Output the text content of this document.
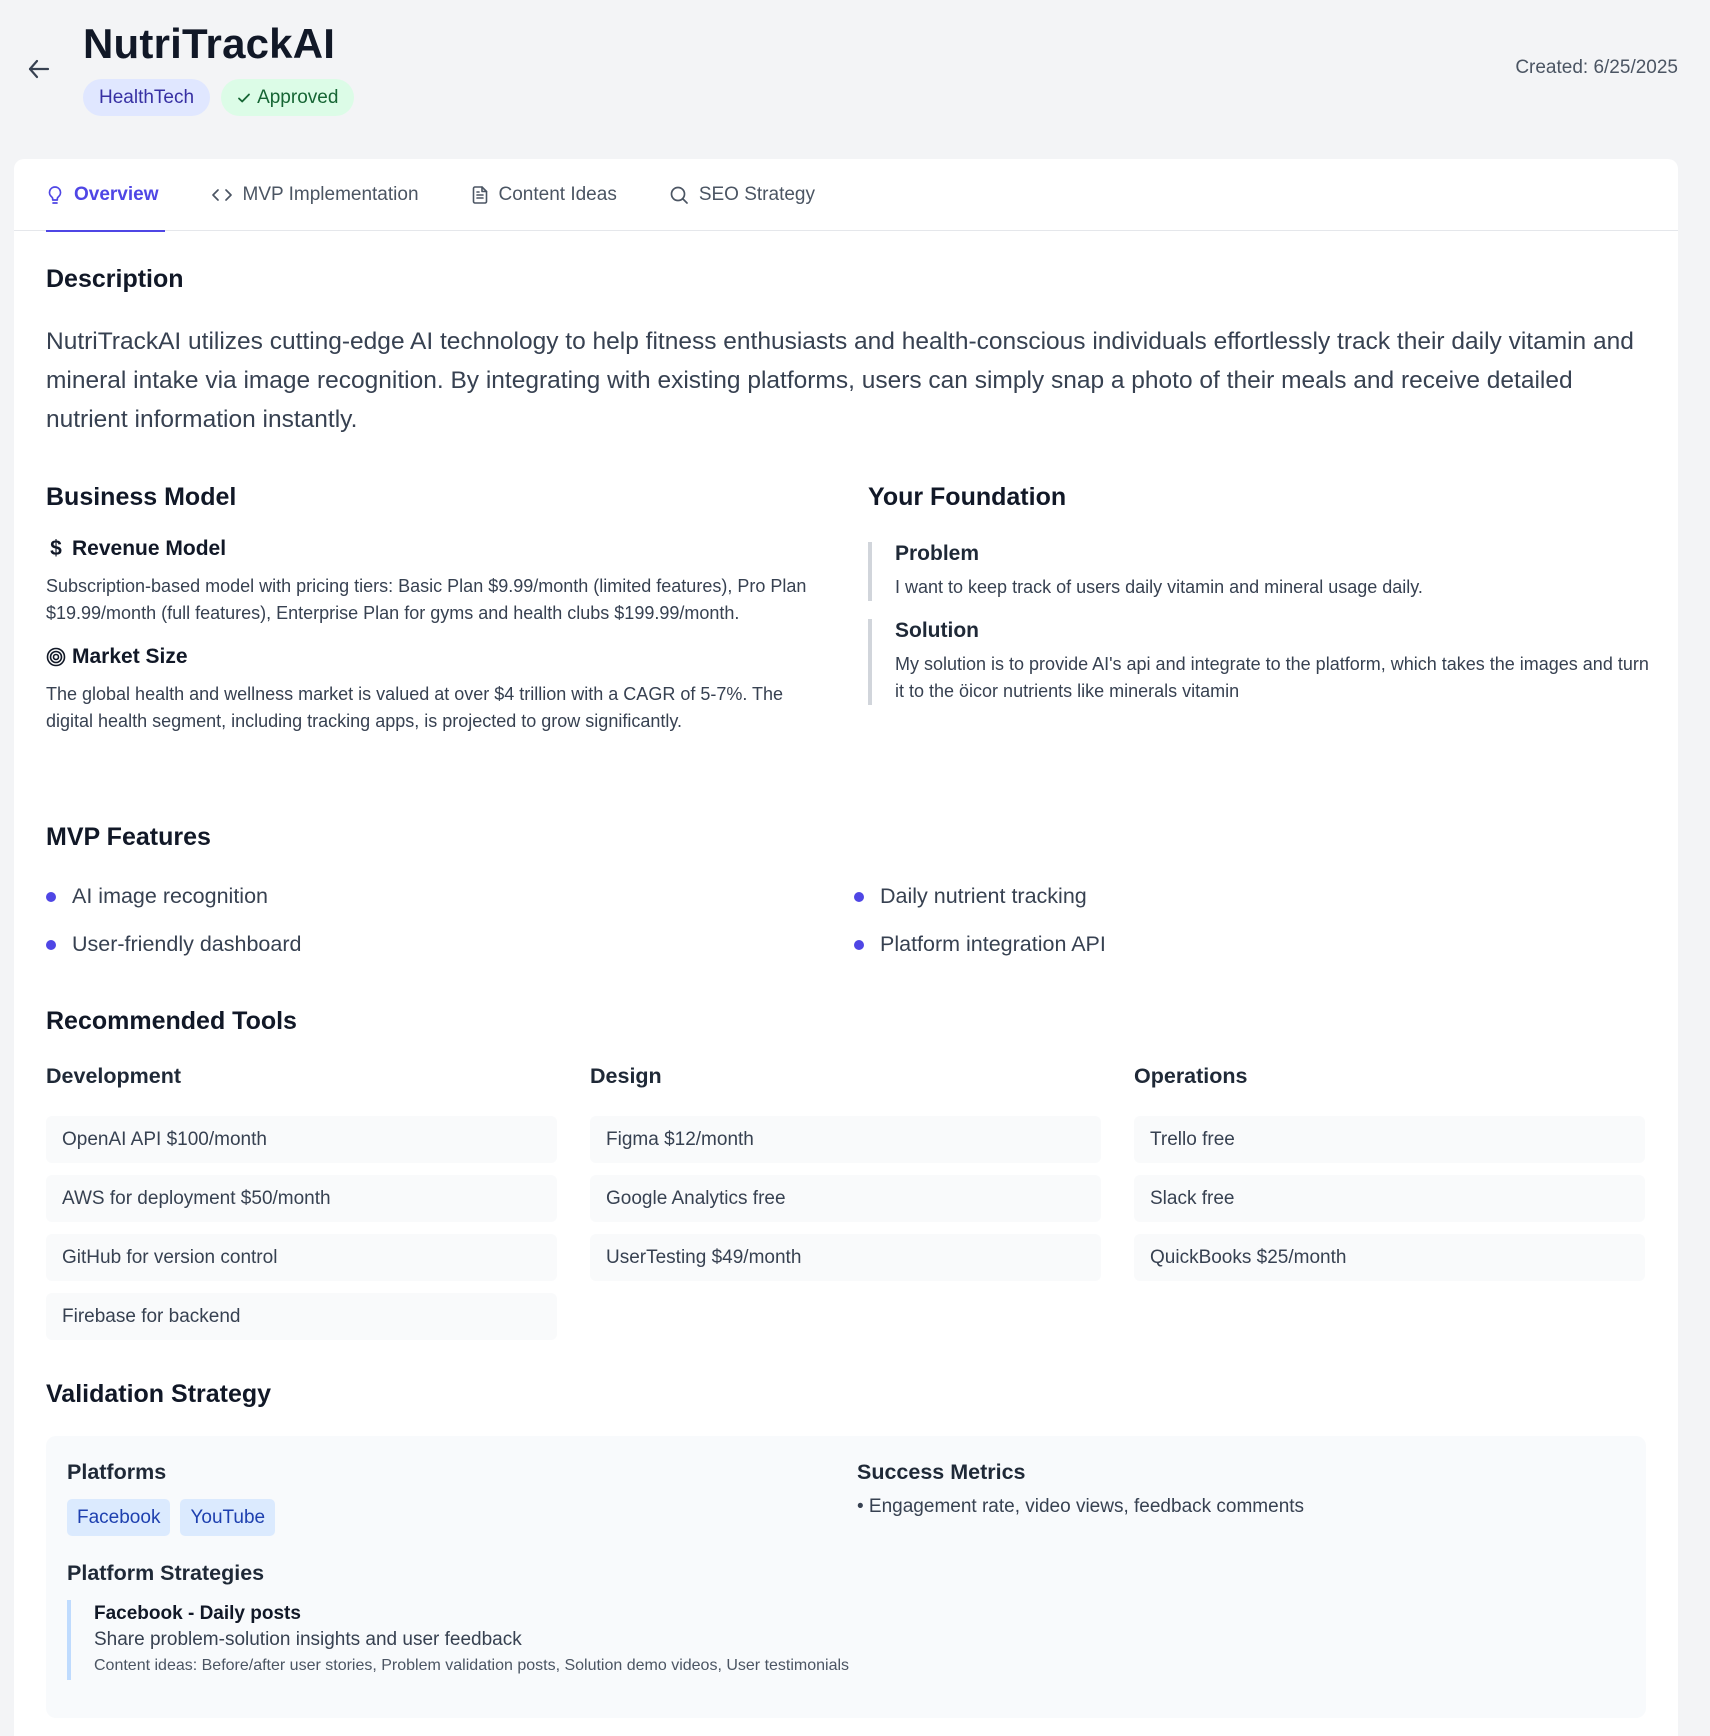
NutriTrackAI
HealthTech	Approved
Created: 6/25/2025
Overview	MVP Implementation	Content Ideas	SEO Strategy
Description
NutriTrackAI utilizes cutting-edge AI technology to help fitness enthusiasts and health-conscious individuals effortlessly track their daily vitamin and mineral intake via image recognition. By integrating with existing platforms, users can simply snap a photo of their meals and receive detailed nutrient information instantly.
Business Model
$ Revenue Model
Subscription-based model with pricing tiers: Basic Plan $9.99/month (limited features), Pro Plan $19.99/month (full features), Enterprise Plan for gyms and health clubs $199.99/month.
Market Size
The global health and wellness market is valued at over $4 trillion with a CAGR of 5-7%. The digital health segment, including tracking apps, is projected to grow significantly.
Your Foundation
Problem
I want to keep track of users daily vitamin and mineral usage daily.
Solution
My solution is to provide AI's api and integrate to the platform, which takes the images and turn it to the öicor nutrients like minerals vitamin
MVP Features
AI image recognition	Daily nutrient tracking
User-friendly dashboard	Platform integration API
Recommended Tools
Development
OpenAI API $100/month
AWS for deployment $50/month
GitHub for version control
Firebase for backend
Design
Figma $12/month
Google Analytics free
UserTesting $49/month
Operations
Trello free
Slack free
QuickBooks $25/month
Validation Strategy
Platforms
Facebook	YouTube
Success Metrics
• Engagement rate, video views, feedback comments
Platform Strategies
Facebook - Daily posts
Share problem-solution insights and user feedback
Content ideas: Before/after user stories, Problem validation posts, Solution demo videos, User testimonials
